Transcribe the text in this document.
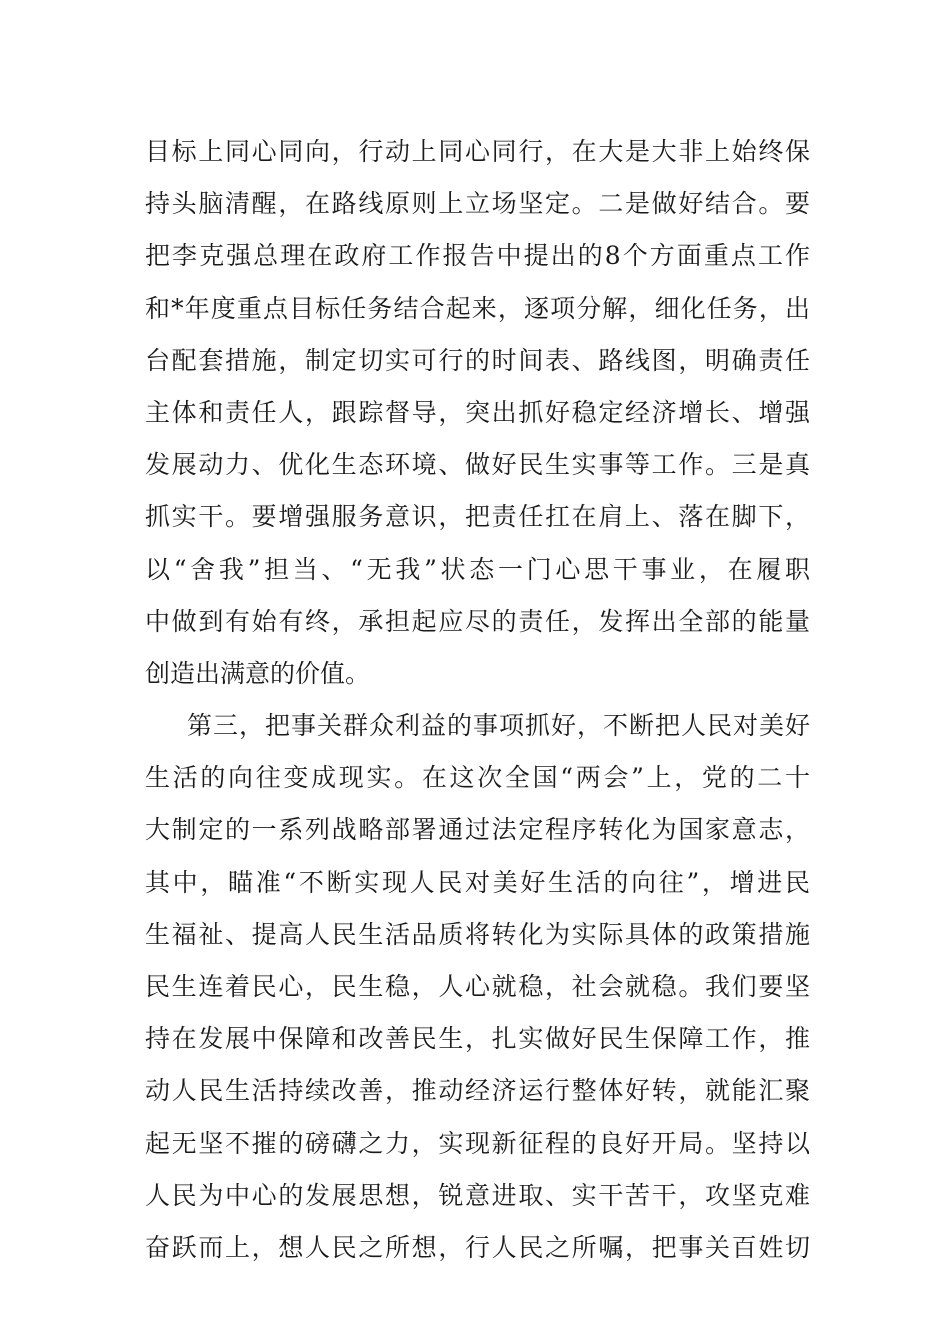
目标上同心同向，行动上同心同行，在大是大非上始终保
持头脑清醒，在路线原则上立场坚定。二是做好结合。要
把李克强总理在政府工作报告中提出的8个方面重点工作
和*年度重点目标任务结合起来，逐项分解，细化任务，出
台配套措施，制定切实可行的时间表、路线图，明确责任
主体和责任人，跟踪督导，突出抓好稳定经济增长、增强
发展动力、优化生态环境、做好民生实事等工作。三是真
抓实干。要增强服务意识，把责任扛在肩上、落在脚下，
以“舍我”担当、“无我”状态一门心思干事业，在履职
中做到有始有终，承担起应尽的责任，发挥出全部的能量
创造出满意的价值。
第三，把事关群众利益的事项抓好，不断把人民对美好
生活的向往变成现实。在这次全国“两会”上，党的二十
大制定的一系列战略部署通过法定程序转化为国家意志，
其中，瞄准“不断实现人民对美好生活的向往”，增进民
生福祉、提高人民生活品质将转化为实际具体的政策措施
民生连着民心，民生稳，人心就稳，社会就稳。我们要坚
持在发展中保障和改善民生，扎实做好民生保障工作，推
动人民生活持续改善，推动经济运行整体好转，就能汇聚
起无坚不摧的磅礴之力，实现新征程的良好开局。坚持以
人民为中心的发展思想，锐意进取、实干苦干，攻坚克难
奋跃而上，想人民之所想，行人民之所嘱，把事关百姓切
